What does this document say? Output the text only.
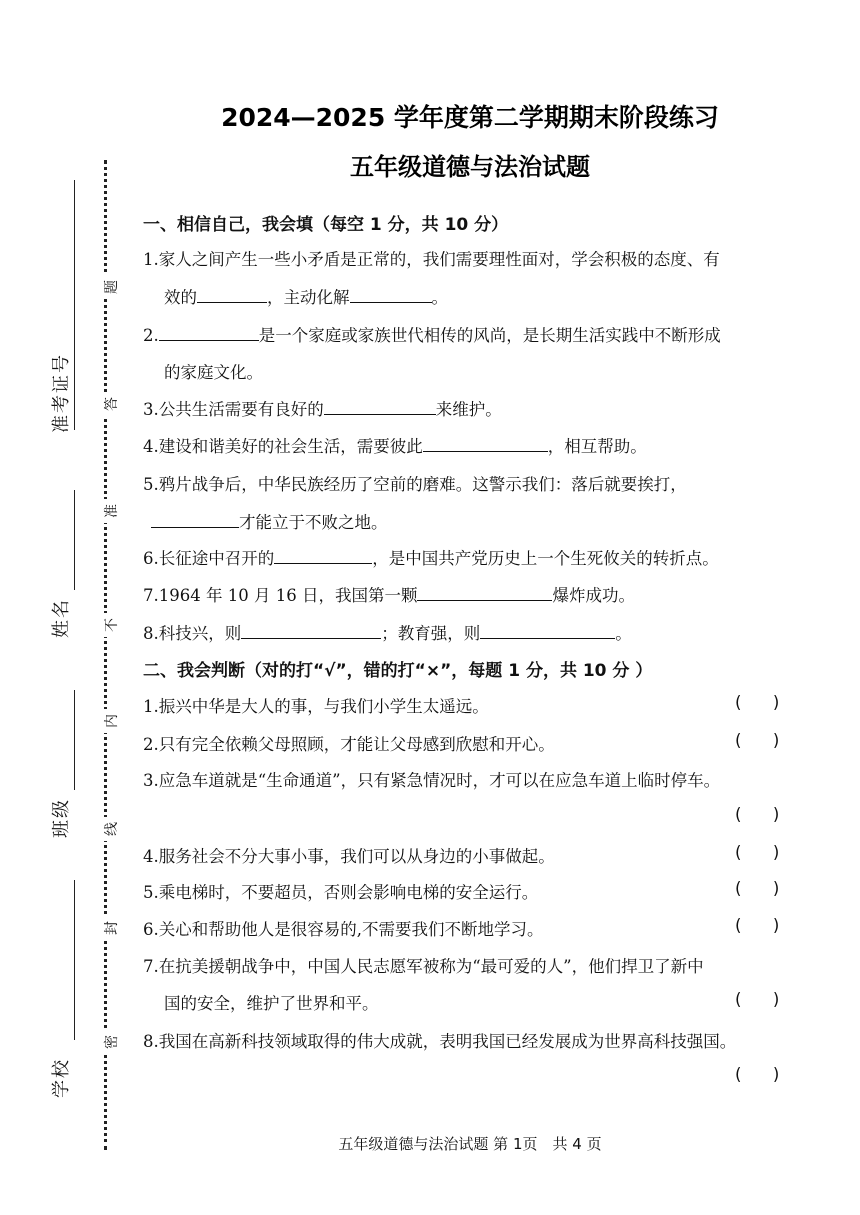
准考证号
姓名
班级
学校
题
答
准
不
内
线
封
密
2024—2025 学年度第二学期期末阶段练习
五年级道德与法治试题
一、相信自己，我会填（每空 1 分，共 10 分）
1.家人之间产生一些小矛盾是正常的，我们需要理性面对，学会积极的态度、有
效的	，主动化解	。
2.	是一个家庭或家族世代相传的风尚，是长期生活实践中不断形成
的家庭文化。
3.公共生活需要有良好的	来维护。
4.建设和谐美好的社会生活，需要彼此	，相互帮助。
5.鸦片战争后，中华民族经历了空前的磨难。这警示我们：落后就要挨打，
才能立于不败之地。
6.长征途中召开的	，是中国共产党历史上一个生死攸关的转折点。
7.1964 年 10 月 16 日，我国第一颗	爆炸成功。
8.科技兴，则	；教育强，则	。
二、我会判断（对的打“√”，错的打“×”，每题 1 分，共 10 分 ）
1.振兴中华是大人的事，与我们小学生太遥远。	(      )
2.只有完全依赖父母照顾，才能让父母感到欣慰和开心。	(      )
3.应急车道就是“生命通道”，只有紧急情况时，才可以在应急车道上临时停车。
(      )
4.服务社会不分大事小事，我们可以从身边的小事做起。	(      )
5.乘电梯时，不要超员，否则会影响电梯的安全运行。	(      )
6.关心和帮助他人是很容易的,不需要我们不断地学习。	(      )
7.在抗美援朝战争中，中国人民志愿军被称为“最可爱的人”，他们捍卫了新中
国的安全，维护了世界和平。	(      )
8.我国在高新科技领域取得的伟大成就，表明我国已经发展成为世界高科技强国。
(      )
五年级道德与法治试题 第 1页　共 4 页
